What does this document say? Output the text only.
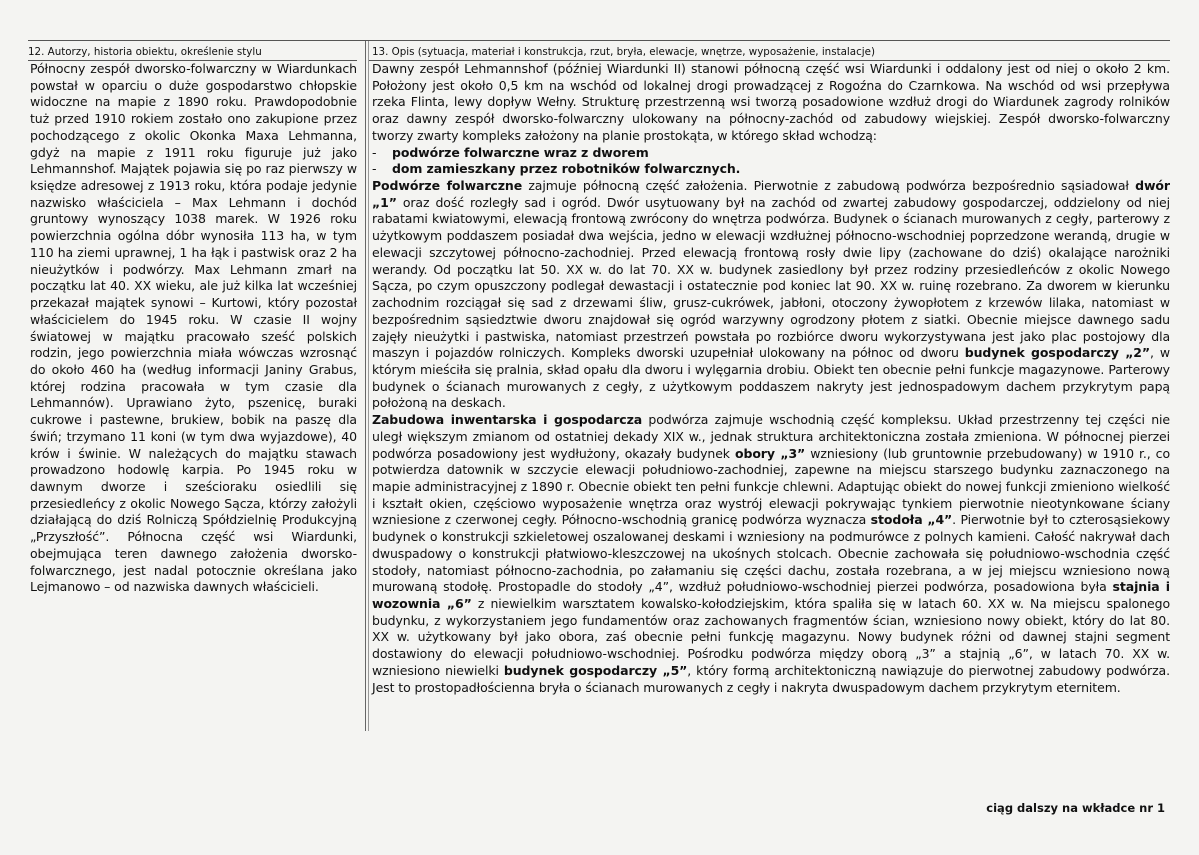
12. Autorzy, historia obiektu, określenie stylu

Północny zespół dworsko-folwarczny w Wiardunkach powstał w oparciu o duże gospodarstwo chłopskie widoczne na mapie z 1890 roku. Prawdopodobnie tuż przed 1910 rokiem zostało ono zakupione przez pochodzącego z okolic Okonka Maxa Lehmanna, gdyż na mapie z 1911 roku figuruje już jako Lehmannshof. Majątek pojawia się po raz pierwszy w księdze adresowej z 1913 roku, która podaje jedynie nazwisko właściciela – Max Lehmann i dochód gruntowy wynoszący 1038 marek. W 1926 roku powierzchnia ogólna dóbr wynosiła 113 ha, w tym 110 ha ziemi uprawnej, 1 ha łąk i pastwisk oraz 2 ha nieużytków i podwórzy. Max Lehmann zmarł na początku lat 40. XX wieku, ale już kilka lat wcześniej przekazał majątek synowi – Kurtowi, który pozostał właścicielem do 1945 roku. W czasie II wojny światowej w majątku pracowało sześć polskich rodzin, jego powierzchnia miała wówczas wzrosnąć do około 460 ha (według informacji Janiny Grabus, której rodzina pracowała w tym czasie dla Lehmannów). Uprawiano żyto, pszenicę, buraki cukrowe i pastewne, brukiew, bobik na paszę dla świń; trzymano 11 koni (w tym dwa wyjazdowe), 40 krów i świnie. W należących do majątku stawach prowadzono hodowlę karpia. Po 1945 roku w dawnym dworze i sześcioraku osiedlili się przesiedleńcy z okolic Nowego Sącza, którzy założyli działającą do dziś Rolniczą Spółdzielnię Produkcyjną „Przyszłość”. Północna część wsi Wiardunki, obejmująca teren dawnego założenia dworsko-folwarcznego, jest nadal potocznie określana jako Lejmanowo – od nazwiska dawnych właścicieli.

13. Opis (sytuacja, materiał i konstrukcja, rzut, bryła, elewacje, wnętrze, wyposażenie, instalacje)

Dawny zespół Lehmannshof (później Wiardunki II) stanowi północną część wsi Wiardunki i oddalony jest od niej o około 2 km. Położony jest około 0,5 km na wschód od lokalnej drogi prowadzącej z Rogoźna do Czarnkowa. Na wschód od wsi przepływa rzeka Flinta, lewy dopływ Wełny. Strukturę przestrzenną wsi tworzą posadowione wzdłuż drogi do Wiardunek zagrody rolników oraz dawny zespół dworsko-folwarczny ulokowany na północny-zachód od zabudowy wiejskiej. Zespół dworsko-folwarczny tworzy zwarty kompleks założony na planie prostokąta, w którego skład wchodzą:

-	podwórze folwarczne wraz z dworem
-	dom zamieszkany przez robotników folwarcznych.

Podwórze folwarczne zajmuje północną część założenia. Pierwotnie z zabudową podwórza bezpośrednio sąsiadował dwór „1” oraz dość rozległy sad i ogród. Dwór usytuowany był na zachód od zwartej zabudowy gospodarczej, oddzielony od niej rabatami kwiatowymi, elewacją frontową zwrócony do wnętrza podwórza. Budynek o ścianach murowanych z cegły, parterowy z użytkowym poddaszem posiadał dwa wejścia, jedno w elewacji wzdłużnej północno-wschodniej poprzedzone werandą, drugie w elewacji szczytowej północno-zachodniej. Przed elewacją frontową rosły dwie lipy (zachowane do dziś) okalające narożniki werandy. Od początku lat 50. XX w. do lat 70. XX w. budynek zasiedlony był przez rodziny przesiedleńców z okolic Nowego Sącza, po czym opuszczony podlegał dewastacji i ostatecznie pod koniec lat 90. XX w. ruinę rozebrano. Za dworem w kierunku zachodnim rozciągał się sad z drzewami śliw, grusz-cukrówek, jabłoni, otoczony żywopłotem z krzewów lilaka, natomiast w bezpośrednim sąsiedztwie dworu znajdował się ogród warzywny ogrodzony płotem z siatki. Obecnie miejsce dawnego sadu zajęły nieużytki i pastwiska, natomiast przestrzeń powstała po rozbiórce dworu wykorzystywana jest jako plac postojowy dla maszyn i pojazdów rolniczych. Kompleks dworski uzupełniał ulokowany na północ od dworu budynek gospodarczy „2”, w którym mieściła się pralnia, skład opału dla dworu i wylęgarnia drobiu. Obiekt ten obecnie pełni funkcje magazynowe. Parterowy budynek o ścianach murowanych z cegły, z użytkowym poddaszem nakryty jest jednospadowym dachem przykrytym papą położoną na deskach.

Zabudowa inwentarska i gospodarcza podwórza zajmuje wschodnią część kompleksu. Układ przestrzenny tej części nie uległ większym zmianom od ostatniej dekady XIX w., jednak struktura architektoniczna została zmieniona. W północnej pierzei podwórza posadowiony jest wydłużony, okazały budynek obory „3” wzniesiony (lub gruntownie przebudowany) w 1910 r., co potwierdza datownik w szczycie elewacji południowo-zachodniej, zapewne na miejscu starszego budynku zaznaczonego na mapie administracyjnej z 1890 r. Obecnie obiekt ten pełni funkcje chlewni. Adaptując obiekt do nowej funkcji zmieniono wielkość i kształt okien, częściowo wyposażenie wnętrza oraz wystrój elewacji pokrywając tynkiem pierwotnie nieotynkowane ściany wzniesione z czerwonej cegły. Północno-wschodnią granicę podwórza wyznacza stodoła „4”. Pierwotnie był to czterosąsiekowy budynek o konstrukcji szkieletowej oszalowanej deskami i wzniesiony na podmurówce z polnych kamieni. Całość nakrywał dach dwuspadowy o konstrukcji płatwiowo-kleszczowej na ukośnych stolcach. Obecnie zachowała się południowo-wschodnia część stodoły, natomiast północno-zachodnia, po załamaniu się części dachu, została rozebrana, a w jej miejscu wzniesiono nową murowaną stodołę. Prostopadle do stodoły „4”, wzdłuż południowo-wschodniej pierzei podwórza, posadowiona była stajnia i wozownia „6” z niewielkim warsztatem kowalsko-kołodziejskim, która spaliła się w latach 60. XX w. Na miejscu spalonego budynku, z wykorzystaniem jego fundamentów oraz zachowanych fragmentów ścian, wzniesiono nowy obiekt, który do lat 80. XX w. użytkowany był jako obora, zaś obecnie pełni funkcję magazynu. Nowy budynek różni od dawnej stajni segment dostawiony do elewacji południowo-wschodniej. Pośrodku podwórza między oborą „3” a stajnią „6”, w latach 70. XX w. wzniesiono niewielki budynek gospodarczy „5”, który formą architektoniczną nawiązuje do pierwotnej zabudowy podwórza. Jest to prostopadłościenna bryła o ścianach murowanych z cegły i nakryta dwuspadowym dachem przykrytym eternitem.

ciąg dalszy na wkładce nr 1
